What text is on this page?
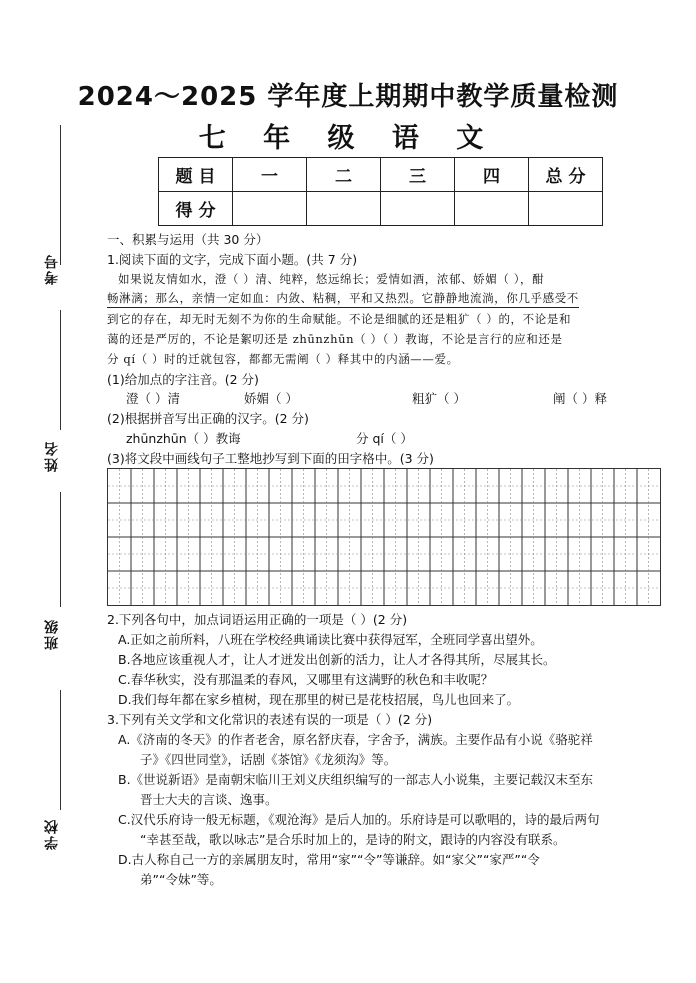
考号
姓名
班级
学校
2024～2025 学年度上期期中教学质量检测
七 年 级 语 文
题 目	一	二	三	四	总 分
得 分					
一、积累与运用（共 30 分）
1.阅读下面的文字，完成下面小题。(共 7 分)
如果说友情如水，澄（ ）清、纯粹，悠远绵长；爱情如酒，浓郁、娇媚（ ），酣
畅淋漓；那么，亲情一定如血：内敛、粘稠，平和又热烈。它静静地流淌，你几乎感受不
到它的存在，却无时无刻不为你的生命赋能。不论是细腻的还是粗犷（ ）的，不论是和
蔼的还是严厉的，不论是絮叨还是 zhūnzhūn（ ）（ ）教诲，不论是言行的应和还是
分 qí（ ）时的迁就包容，都都无需阐（ ）释其中的内涵——爱。
(1)给加点的字注音。(2 分)
澄（ ）清	娇媚（ ）	粗犷（ ）	阐（ ）释
(2)根据拼音写出正确的汉字。(2 分)
zhūnzhūn（ ）教诲	分 qí（ ）
(3)将文段中画线句子工整地抄写到下面的田字格中。(3 分)
2.下列各句中，加点词语运用正确的一项是（ ）(2 分)
A.正如之前所料，八班在学校经典诵读比赛中获得冠军，全班同学喜出望外。
B.各地应该重视人才，让人才迸发出创新的活力，让人才各得其所，尽展其长。
C.春华秋实，没有那温柔的春风，又哪里有这满野的秋色和丰收呢？
D.我们每年都在家乡植树，现在那里的树已是花枝招展，鸟儿也回来了。
3.下列有关文学和文化常识的表述有误的一项是（ ）(2 分)
A.《济南的冬天》的作者老舍，原名舒庆春，字舍予，满族。主要作品有小说《骆驼祥
子》《四世同堂》，话剧《茶馆》《龙须沟》等。
B.《世说新语》是南朝宋临川王刘义庆组织编写的一部志人小说集，主要记载汉末至东
晋士大夫的言谈、逸事。
C.汉代乐府诗一般无标题，《观沧海》是后人加的。乐府诗是可以歌唱的，诗的最后两句
“幸甚至哉，歌以咏志”是合乐时加上的，是诗的附文，跟诗的内容没有联系。
D.古人称自己一方的亲属朋友时，常用“家”“令”等谦辞。如“家父”“家严”“令
弟”“令妹”等。
